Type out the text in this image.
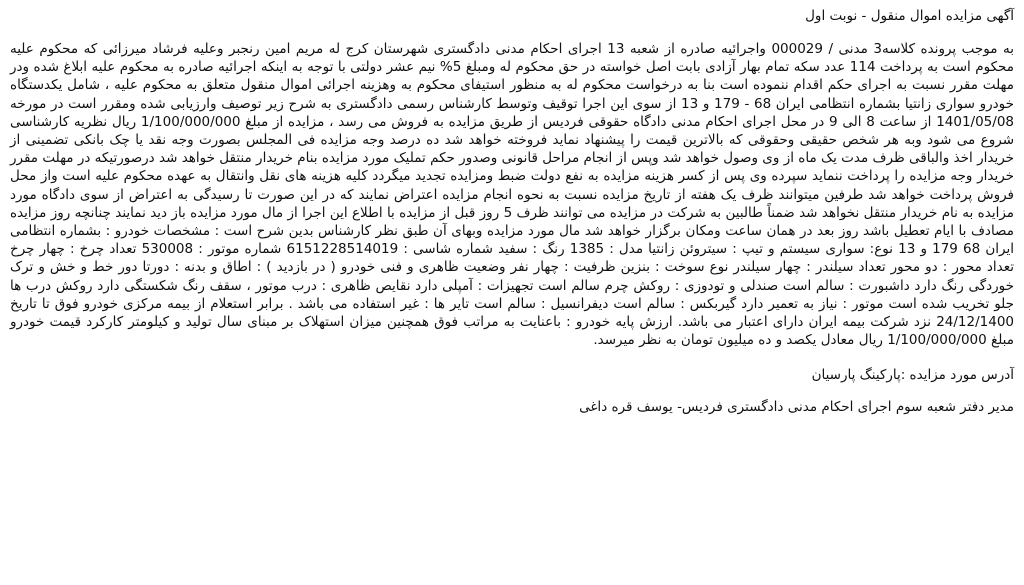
آگهی مزایده اموال منقول - نوبت اول

به موجب پرونده کلاسه3 مدنی / 000029 واجرائیه صادره از شعبه 13 اجرای احکام مدنی دادگستری شهرستان کرج له مریم امین رنجبر وعلیه فرشاد میرزائی که محکوم علیه محکوم است به پرداخت 114 عدد سکه تمام بهار آزادی بابت اصل خواسته در حق محکوم له ومبلغ 5% نیم عشر دولتی با توجه به اینکه اجرائیه صادره به محکوم علیه ابلاغ شده ودر مهلت مقرر نسبت به اجرای حکم اقدام ننموده است بنا به درخواست محکوم له به منظور استیفای محکوم به وهزینه اجرائی اموال منقول متعلق به محکوم علیه ، شامل یکدستگاه خودرو سواری زانتیا بشماره انتظامی ایران 68 - 179 و 13 از سوی این اجرا توقیف وتوسط کارشناس رسمی دادگستری به شرح زیر توصیف وارزیابی شده ومقرر است در مورخه 1401/05/08 از ساعت 8 الی 9 در محل اجرای احکام مدنی دادگاه حقوقی فردیس از طریق مزایده به فروش می رسد ، مزایده از مبلغ 1/100/000/000 ریال نظریه کارشناسی شروع می شود وبه هر شخص حقیقی وحقوقی که بالاترین قیمت را پیشنهاد نماید فروخته خواهد شد ده درصد وجه مزایده فی المجلس بصورت وجه نقد یا چک بانکی تضمینی از خریدار اخذ والباقی ظرف مدت یک ماه از وی وصول خواهد شد وپس از انجام مراحل قانونی وصدور حکم تملیک مورد مزایده بنام خریدار منتقل خواهد شد درصورتیکه در مهلت مقرر خریدار وجه مزایده را پرداخت ننماید سپرده وی پس از کسر هزینه مزایده به نفع دولت ضبط ومزایده تجدید میگردد کلیه هزینه های نقل وانتقال به عهده محکوم علیه است واز محل فروش پرداخت خواهد شد طرفین میتوانند ظرف یک هفته از تاریخ مزایده نسبت به نحوه انجام مزایده اعتراض نمایند که در این صورت تا رسیدگی به اعتراض از سوی دادگاه مورد مزایده به نام خریدار منتقل نخواهد شد ضمناً طالبین به شرکت در مزایده می توانند ظرف 5 روز قبل از مزایده با اطلاع این اجرا از مال مورد مزایده باز دید نمایند چنانچه روز مزایده مصادف با ایام تعطیل باشد روز بعد در همان ساعت ومکان برگزار خواهد شد مال مورد مزایده وبهای آن طبق نظر کارشناس بدین شرح است : مشخصات خودرو : بشماره انتظامی ایران 68 179 و 13 نوع: سواری سیستم و تیپ : سیتروئن زانتیا مدل : 1385 رنگ : سفید شماره شاسی : 6151228514019 شماره موتور : 530008 تعداد چرخ : چهار چرخ تعداد محور : دو محور تعداد سیلندر : چهار سیلندر نوع سوخت : بنزین ظرفیت : چهار نفر وضعیت ظاهری و فنی خودرو ( در بازدید ) : اطاق و بدنه : دورتا دور خط و خش و ترک خوردگی رنگ دارد داشبورت : سالم است صندلی و تودوزی : روکش چرم سالم است تجهیزات : آمپلی دارد نقایص ظاهری : درب موتور ، سقف رنگ شکستگی دارد روکش درب ها جلو تخریب شده است موتور : نیاز به تعمیر دارد گیربکس : سالم است دیفرانسیل : سالم است تایر ها : غیر استفاده می باشد . برابر استعلام از بیمه مرکزی خودرو فوق تا تاریخ 24/12/1400 نزد شرکت بیمه ایران دارای اعتبار می باشد. ارزش پایه خودرو : باعنایت به مراتب فوق همچنین میزان استهلاک بر مبنای سال تولید و کیلومتر کارکرد قیمت خودرو مبلغ 1/100/000/000 ریال معادل یکصد و ده میلیون تومان به نظر میرسد.

آدرس مورد مزایده :پارکینگ پارسیان
مدیر دفتر شعبه سوم اجرای احکام مدنی دادگستری فردیس- یوسف قره داغی
